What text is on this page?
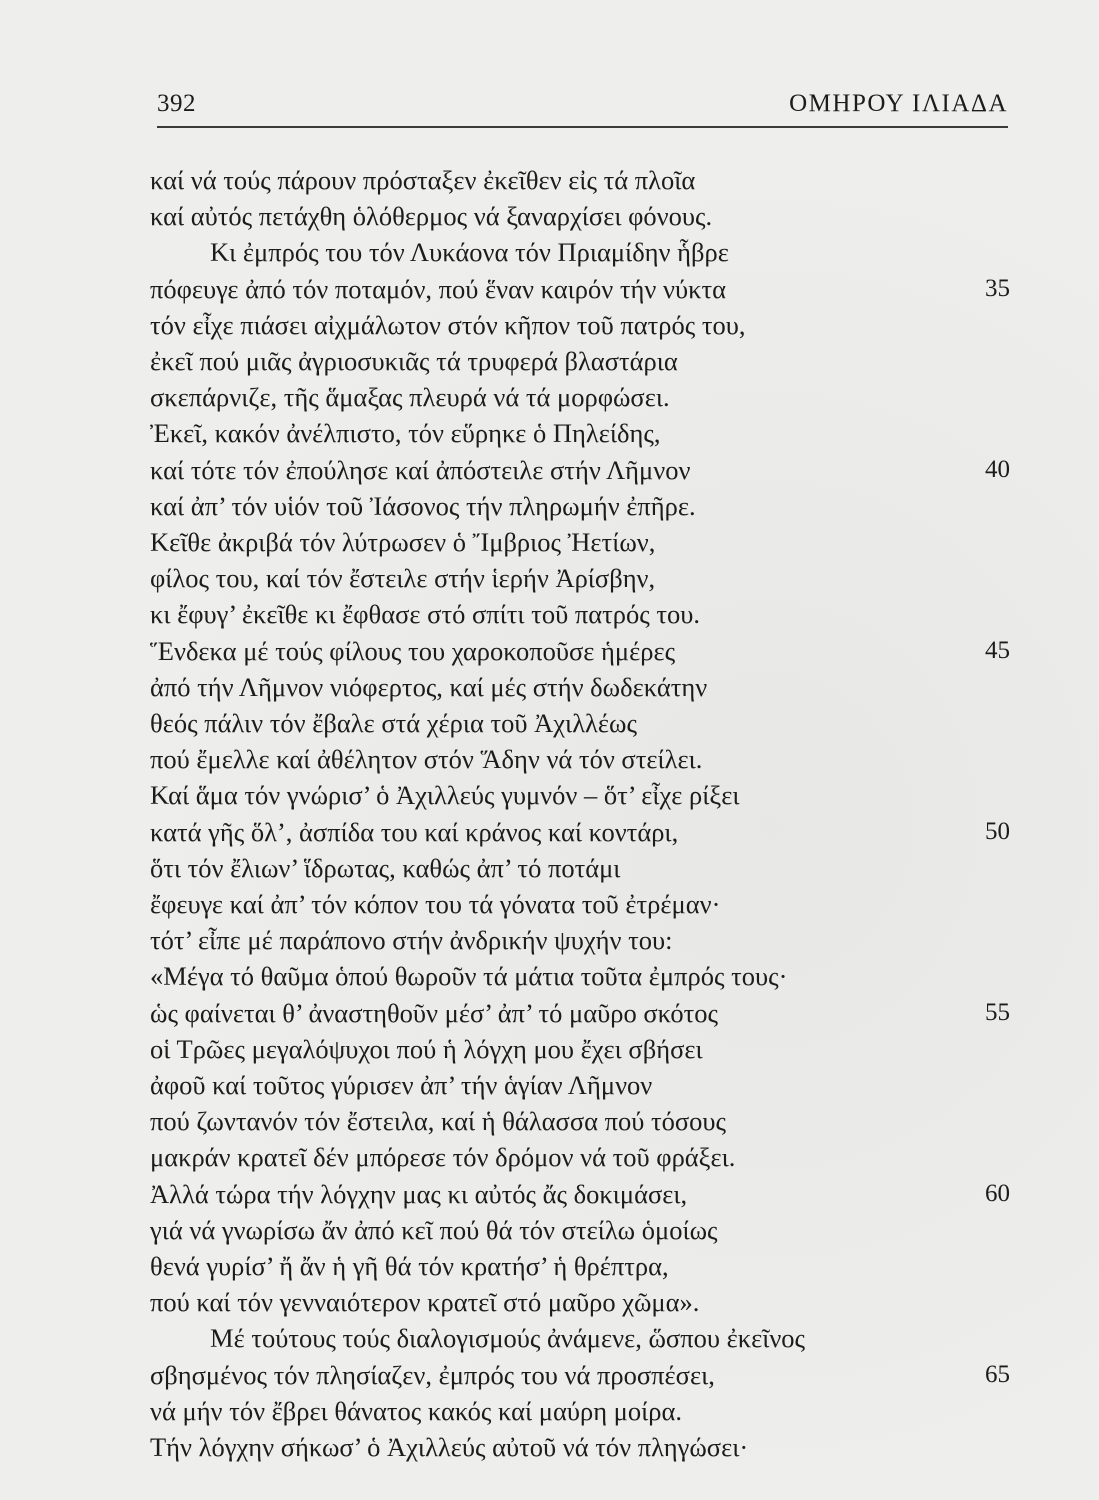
392	ΟΜΗΡΟΥ ΙΛΙΑΔΑ
καί νά τούς πάρουν πρόσταξεν ἐκεῖθεν εἰς τά πλοῖα
καί αὐτός πετάχθη ὁλόθερμος νά ξαναρχίσει φόνους.
Κι ἐμπρός του τόν Λυκάονα τόν Πριαμίδην ἧβρε
πόφευγε ἀπό τόν ποταμόν, πού ἕναν καιρόν τήν νύκτα	35
τόν εἶχε πιάσει αἰχμάλωτον στόν κῆπον τοῦ πατρός του,
ἐκεῖ πού μιᾶς ἀγριοσυκιᾶς τά τρυφερά βλαστάρια
σκεπάρνιζε, τῆς ἅμαξας πλευρά νά τά μορφώσει.
Ἐκεῖ, κακόν ἀνέλπιστο, τόν εὕρηκε ὁ Πηλείδης,
καί τότε τόν ἐπούλησε καί ἀπόστειλε στήν Λῆμνον	40
καί ἀπ’ τόν υἱόν τοῦ Ἰάσονος τήν πληρωμήν ἐπῆρε.
Κεῖθε ἀκριβά τόν λύτρωσεν ὁ Ἴμβριος Ἠετίων,
φίλος του, καί τόν ἔστειλε στήν ἱερήν Ἀρίσβην,
κι ἔφυγ’ ἐκεῖθε κι ἔφθασε στό σπίτι τοῦ πατρός του.
Ἕνδεκα μέ τούς φίλους του χαροκοποῦσε ἡμέρες	45
ἀπό τήν Λῆμνον νιόφερτος, καί μές στήν δωδεκάτην
θεός πάλιν τόν ἔβαλε στά χέρια τοῦ Ἀχιλλέως
πού ἔμελλε καί ἀθέλητον στόν Ἅδην νά τόν στείλει.
Καί ἅμα τόν γνώρισ’ ὁ Ἀχιλλεύς γυμνόν – ὅτ’ εἶχε ρίξει
κατά γῆς ὅλ’, ἀσπίδα του καί κράνος καί κοντάρι,	50
ὅτι τόν ἔλιων’ ἵδρωτας, καθώς ἀπ’ τό ποτάμι
ἔφευγε καί ἀπ’ τόν κόπον του τά γόνατα τοῦ ἐτρέμαν·
τότ’ εἶπε μέ παράπονο στήν ἀνδρικήν ψυχήν του:
«Μέγα τό θαῦμα ὁπού θωροῦν τά μάτια τοῦτα ἐμπρός τους·
ὡς φαίνεται θ’ ἀναστηθοῦν μέσ’ ἀπ’ τό μαῦρο σκότος	55
οἱ Τρῶες μεγαλόψυχοι πού ἡ λόγχη μου ἔχει σβήσει
ἀφοῦ καί τοῦτος γύρισεν ἀπ’ τήν ἁγίαν Λῆμνον
πού ζωντανόν τόν ἔστειλα, καί ἡ θάλασσα πού τόσους
μακράν κρατεῖ δέν μπόρεσε τόν δρόμον νά τοῦ φράξει.
Ἀλλά τώρα τήν λόγχην μας κι αὐτός ἄς δοκιμάσει,	60
γιά νά γνωρίσω ἄν ἀπό κεῖ πού θά τόν στείλω ὁμοίως
θενά γυρίσ’ ἤ ἄν ἡ γῆ θά τόν κρατήσ’ ἡ θρέπτρα,
πού καί τόν γενναιότερον κρατεῖ στό μαῦρο χῶμα».
Μέ τούτους τούς διαλογισμούς ἀνάμενε, ὥσπου ἐκεῖνος
σβησμένος τόν πλησίαζεν, ἐμπρός του νά προσπέσει,	65
νά μήν τόν ἔβρει θάνατος κακός καί μαύρη μοίρα.
Τήν λόγχην σήκωσ’ ὁ Ἀχιλλεύς αὐτοῦ νά τόν πληγώσει·
